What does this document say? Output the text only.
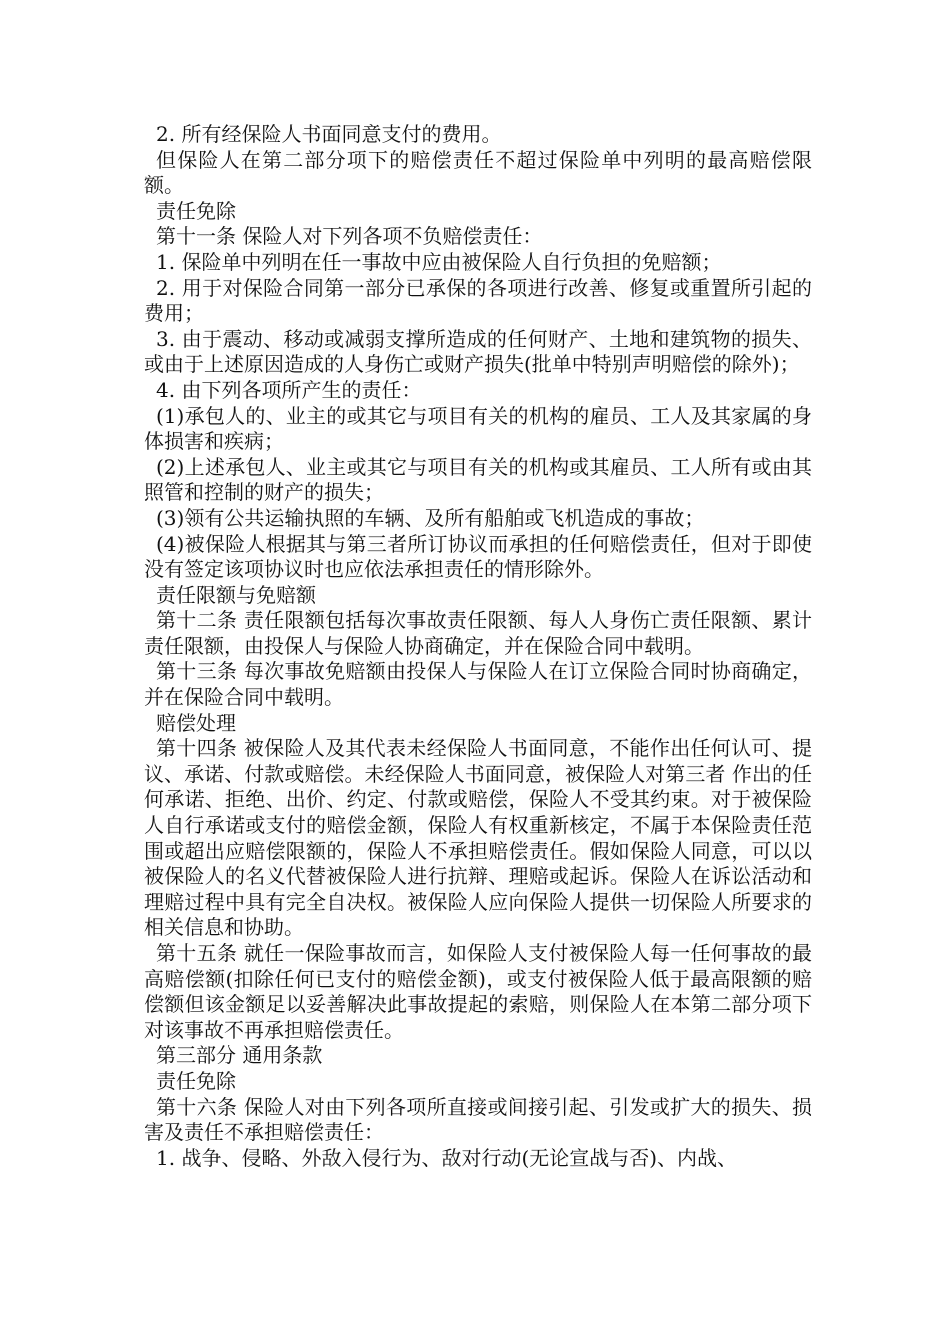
2. 所有经保险人书面同意支付的费用。

但保险人在第二部分项下的赔偿责任不超过保险单中列明的最高赔偿限额。

责任免除

第十一条 保险人对下列各项不负赔偿责任：

1. 保险单中列明在任一事故中应由被保险人自行负担的免赔额；

2. 用于对保险合同第一部分已承保的各项进行改善、修复或重置所引起的费用；

3. 由于震动、移动或减弱支撑所造成的任何财产、土地和建筑物的损失、或由于上述原因造成的人身伤亡或财产损失(批单中特别声明赔偿的除外)；

4. 由下列各项所产生的责任：

(1)承包人的、业主的或其它与项目有关的机构的雇员、工人及其家属的身体损害和疾病；

(2)上述承包人、业主或其它与项目有关的机构或其雇员、工人所有或由其照管和控制的财产的损失；

(3)领有公共运输执照的车辆、及所有船舶或飞机造成的事故；

(4)被保险人根据其与第三者所订协议而承担的任何赔偿责任，但对于即使没有签定该项协议时也应依法承担责任的情形除外。

责任限额与免赔额

第十二条 责任限额包括每次事故责任限额、每人人身伤亡责任限额、累计责任限额，由投保人与保险人协商确定，并在保险合同中载明。

第十三条 每次事故免赔额由投保人与保险人在订立保险合同时协商确定，并在保险合同中载明。

赔偿处理

第十四条 被保险人及其代表未经保险人书面同意，不能作出任何认可、提议、承诺、付款或赔偿。未经保险人书面同意，被保险人对第三者 作出的任何承诺、拒绝、出价、约定、付款或赔偿，保险人不受其约束。对于被保险人自行承诺或支付的赔偿金额，保险人有权重新核定，不属于本保险责任范围或超出应赔偿限额的，保险人不承担赔偿责任。假如保险人同意，可以以被保险人的名义代替被保险人进行抗辩、理赔或起诉。保险人在诉讼活动和理赔过程中具有完全自决权。被保险人应向保险人提供一切保险人所要求的相关信息和协助。

第十五条 就任一保险事故而言，如保险人支付被保险人每一任何事故的最高赔偿额(扣除任何已支付的赔偿金额)，或支付被保险人低于最高限额的赔偿额但该金额足以妥善解决此事故提起的索赔，则保险人在本第二部分项下对该事故不再承担赔偿责任。

第三部分 通用条款

责任免除

第十六条 保险人对由下列各项所直接或间接引起、引发或扩大的损失、损害及责任不承担赔偿责任：

1. 战争、侵略、外敌入侵行为、敌对行动(无论宣战与否)、内战、
